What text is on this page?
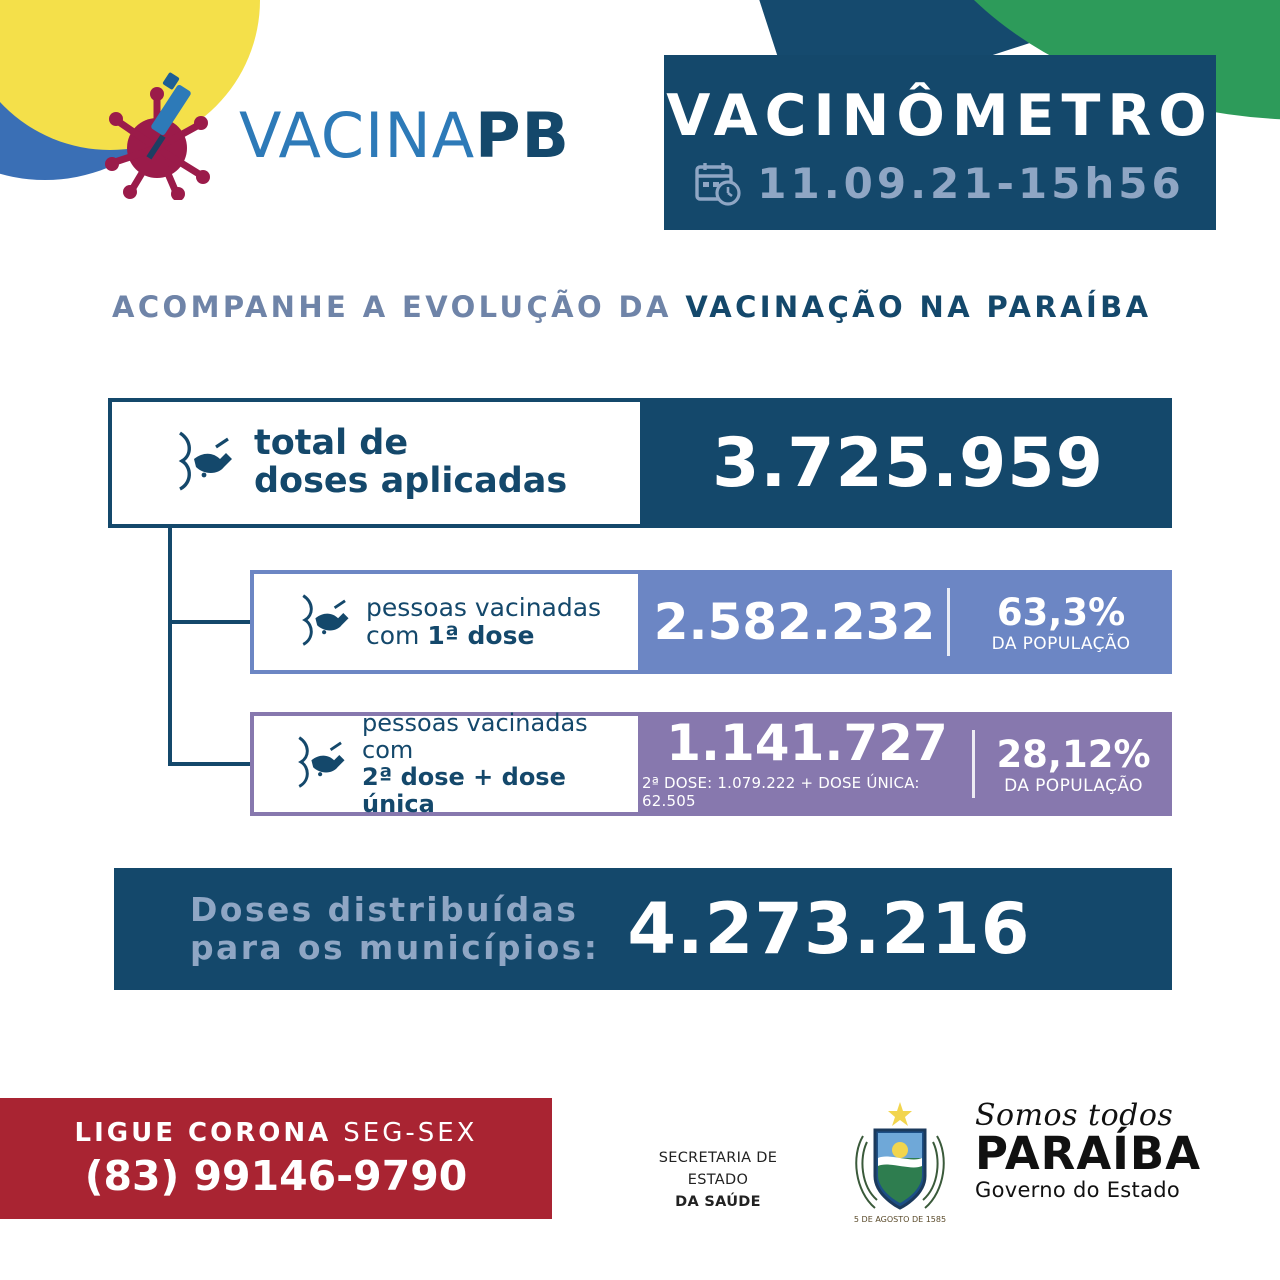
VACINAPB VACINÔMETRO
11.09.21-15h56
ACOMPANHE A EVOLUÇÃO DA VACINAÇÃO NA PARAÍBA
total de
doses aplicadas	3.725.959
pessoas vacinadas
com 1ª dose	2.582.232	63,3%
DA POPULAÇÃO
pessoas vacinadas com
2ª dose + dose única
1.141.727
2ª DOSE: 1.079.222 + DOSE ÚNICA: 62.505
28,12%
DA POPULAÇÃO
Doses distribuídas
para os municípios: 4.273.216
LIGUE CORONA SEG-SEX
(83) 99146-9790	SECRETARIA DE ESTADO
DA SAÚDE
5 DE AGOSTO DE 1585
Somos todos
PARAÍBA
Governo do Estado
